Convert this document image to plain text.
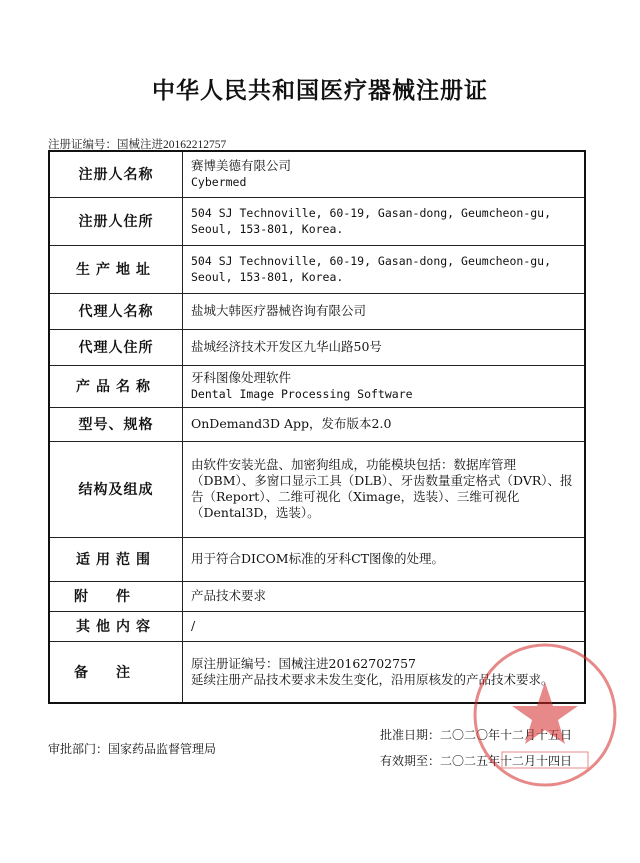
中华人民共和国医疗器械注册证
注册证编号：国械注进20162212757
注册人名称	赛博美德有限公司
Cybermed

注册人住所	504 SJ Technoville, 60-19, Gasan-dong, Geumcheon-gu, Seoul, 153-801, Korea.

生产地址	504 SJ Technoville, 60-19, Gasan-dong, Geumcheon-gu, Seoul, 153-801, Korea.

代理人名称	盐城大韩医疗器械咨询有限公司
代理人住所	盐城经济技术开发区九华山路50号
产品名称	牙科图像处理软件
Dental Image Processing Software

型号、规格	OnDemand3D App，发布版本2.0
结构及组成	由软件安装光盘、加密狗组成，功能模块包括：数据库管理（DBM）、多窗口显示工具（DLB）、牙齿数量重定格式（DVR）、报告（Report）、二维可视化（Ximage，选装）、三维可视化（Dental3D，选装）。
适用范围	用于符合DICOM标准的牙科CT图像的处理。
附件	产品技术要求
其他内容	/
备注	原注册证编号：国械注进20162702757
延续注册产品技术要求未发生变化，沿用原核发的产品技术要求。
审批部门：国家药品监督管理局
批准日期：二〇二〇年十二月十五日
有效期至：二〇二五年十二月十四日
